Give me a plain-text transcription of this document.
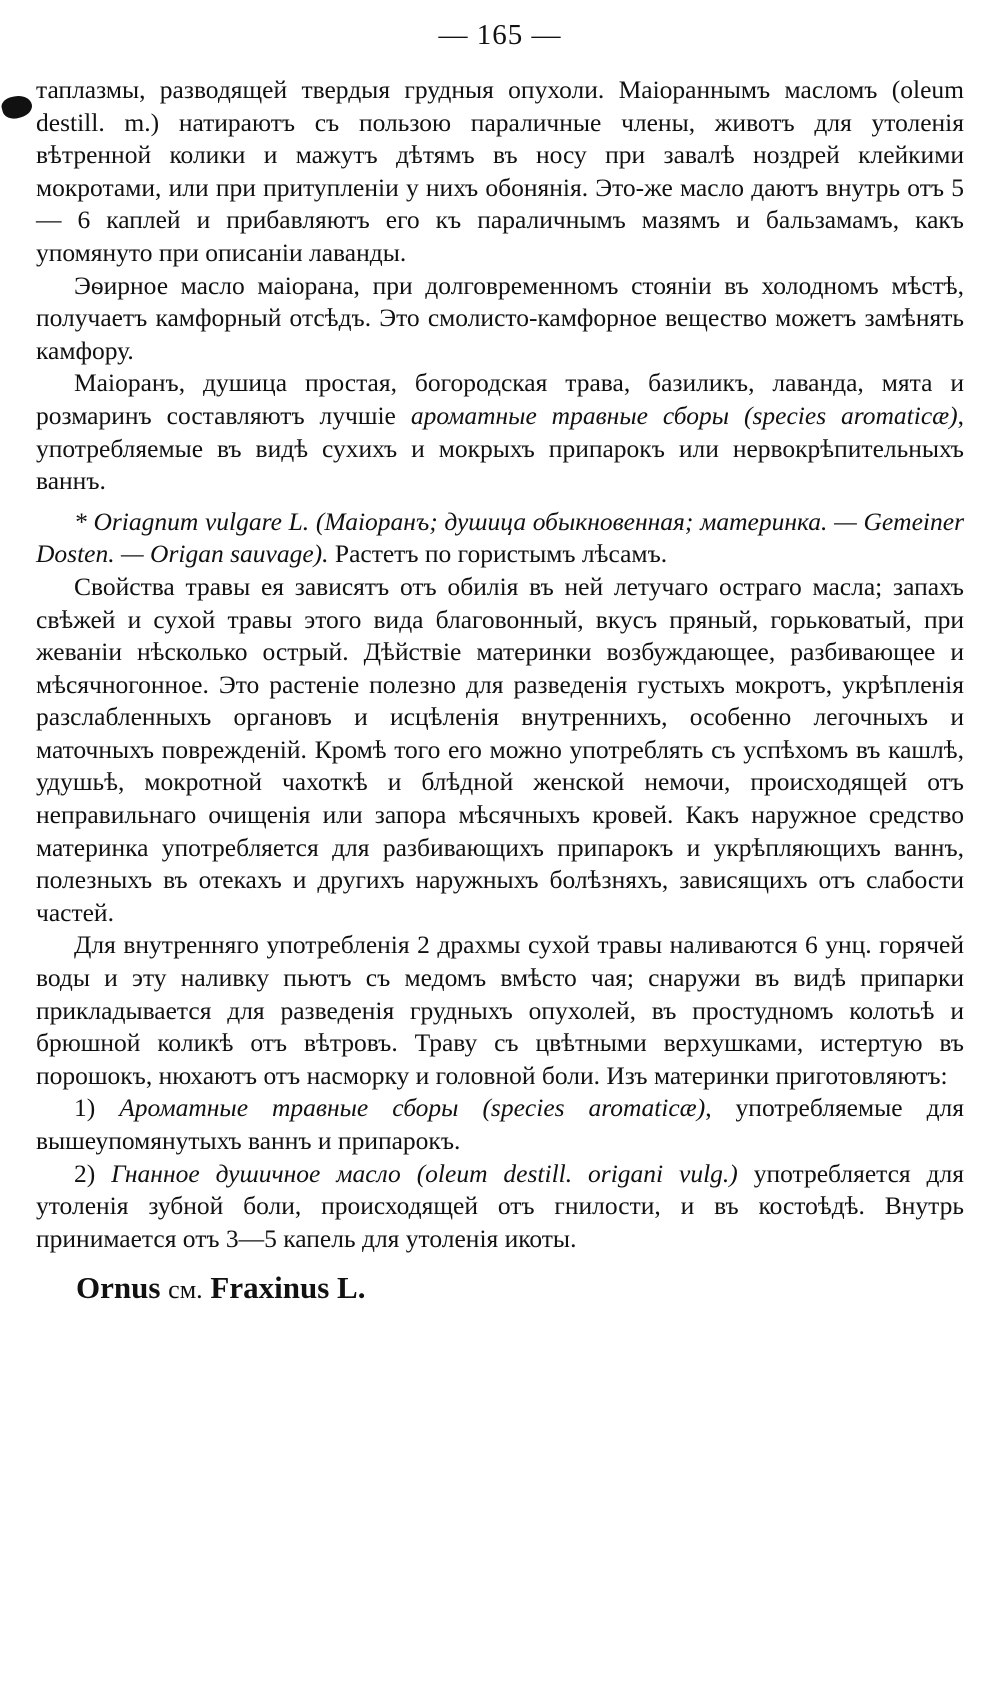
— 165 —

таплазмы, разводящей твердыя грудныя опухоли. Маіораннымъ масломъ (oleum destill. m.) натираютъ съ пользою параличные члены, животъ для утоленія вѣтренной колики и мажутъ дѣтямъ въ носу при завалѣ ноздрей клейкими мокротами, или при притупленіи у нихъ обонянія. Это-же масло даютъ внутрь отъ 5 — 6 каплей и прибавляютъ его къ параличнымъ мазямъ и бальзамамъ, какъ упомянуто при описаніи лаванды.

Эѳирное масло маіорана, при долговременномъ стояніи въ холодномъ мѣстѣ, получаетъ камфорный отсѣдъ. Это смолисто-камфорное вещество можетъ замѣнять камфору.

Маіоранъ, душица простая, богородская трава, базиликъ, лаванда, мята и розмаринъ составляютъ лучшіе ароматные травные сборы (species aromaticæ), употребляемые въ видѣ сухихъ и мокрыхъ припарокъ или нервокрѣпительныхъ ваннъ.

* Oriagnum vulgare L. (Маіоранъ; душица обыкновенная; материнка. — Gemeiner Dosten. — Origan sauvage). Растетъ по гористымъ лѣсамъ.

Свойства травы ея зависятъ отъ обилія въ ней летучаго остраго масла; запахъ свѣжей и сухой травы этого вида благовонный, вкусъ пряный, горьковатый, при жеваніи нѣсколько острый. Дѣйствіе материнки возбуждающее, разбивающее и мѣсячногонное. Это растеніе полезно для разведенія густыхъ мокротъ, укрѣпленія разслабленныхъ органовъ и исцѣленія внутреннихъ, особенно легочныхъ и маточныхъ поврежденій. Кромѣ того его можно употреблять съ успѣхомъ въ кашлѣ, удушьѣ, мокротной чахоткѣ и блѣдной женской немочи, происходящей отъ неправильнаго очищенія или запора мѣсячныхъ кровей. Какъ наружное средство материнка употребляется для разбивающихъ припарокъ и укрѣпляющихъ ваннъ, полезныхъ въ отекахъ и другихъ наружныхъ болѣзняхъ, зависящихъ отъ слабости частей.

Для внутренняго употребленія 2 драхмы сухой травы наливаются 6 унц. горячей воды и эту наливку пьютъ съ медомъ вмѣсто чая; снаружи въ видѣ припарки прикладывается для разведенія грудныхъ опухолей, въ простудномъ колотьѣ и брюшной коликѣ отъ вѣтровъ. Траву съ цвѣтными верхушками, истертую въ порошокъ, нюхаютъ отъ насморку и головной боли. Изъ материнки приготовляютъ:

1) Ароматные травные сборы (species aromaticæ), употребляемые для вышеупомянутыхъ ваннъ и припарокъ.

2) Гнанное душичное масло (oleum destill. origani vulg.) употребляется для утоленія зубной боли, происходящей отъ гнилости, и въ костоѣдѣ. Внутрь принимается отъ 3—5 капель для утоленія икоты.

Ornus см. Fraxinus L.
